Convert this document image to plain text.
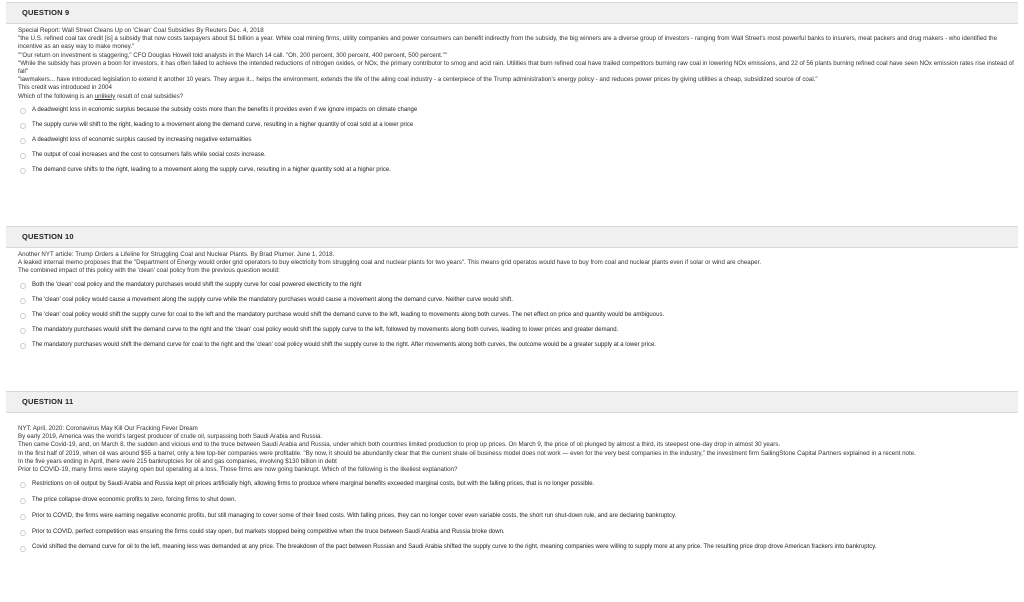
QUESTION 9
Special Report: Wall Street Cleans Up on 'Clean' Coal Subsidies By Reuters Dec. 4, 2018
"the U.S. refined coal tax credit [is] a subsidy that now costs taxpayers about $1 billion a year. While coal mining firms, utility companies and power consumers can benefit indirectly from the subsidy, the big winners are a diverse group of investors - ranging from Wall Street's most powerful banks to insurers, meat packers and drug makers - who identified the incentive as an easy way to make money."
""Our return on investment is staggering," CFO Douglas Howell told analysts in the March 14 call. "Oh, 200 percent, 300 percent, 400 percent, 500 percent.""
"While the subsidy has proven a boon for investors, it has often failed to achieve the intended reductions of nitrogen oxides, or NOx, the primary contributor to smog and acid rain. Utilities that burn refined coal have trailed competitors burning raw coal in lowering NOx emissions, and 22 of 56 plants burning refined coal have seen NOx emission rates rise instead of fall"
"lawmakers... have introduced legislation to extend it another 10 years. They argue it... helps the environment, extends the life of the ailing coal industry - a centerpiece of the Trump administration's energy policy - and reduces power prices by giving utilities a cheap, subsidized source of coal."
This credit was introduced in 2004
Which of the following is an unlikely result of coal subsidies?
A deadweight loss in economic surplus because the subsidy costs more than the benefits it provides even if we ignore impacts on climate change
The supply curve will shift to the right, leading to a movement along the demand curve, resulting in a higher quantity of coal sold at a lower price
A deadweight loss of economic surplus caused by increasing negative externalities
The output of coal increases and the cost to consumers falls while social costs increase.
The demand curve shifts to the right, leading to a movement along the supply curve, resulting in a higher quantity sold at a higher price.
QUESTION 10
Another NYT article: Trump Orders a Lifeline for Struggling Coal and Nuclear Plants. By Brad Plumer. June 1, 2018.
A leaked internal memo proposes that the "Department of Energy would order grid operators to buy electricity from struggling coal and nuclear plants for two years". This means grid operatos would have to buy from coal and nuclear plants even if solar or wind are cheaper.
The combined impact of this policy with the 'clean' coal policy from the previous question would:
Both the 'clean' coal policy and the mandatory purchases would shift the supply curve for coal powered electricity to the right
The 'clean' coal policy would cause a movement along the supply curve while the mandatory purchases would cause a movement along the demand curve. Neither curve would shift.
The 'clean' coal policy would shift the supply curve for coal to the left and the mandatory purchase would shift the demand curve to the left, leading to movements along both curves. The net effect on price and quantity would be ambiguous.
The mandatory purchases would shift the demand curve to the right and the 'clean' coal policy would shift the supply curve to the left, followed by movements along both curves, leading to lower prices and greater demand.
The mandatory purchases would shift the demand curve for coal to the right and the 'clean' coal policy would shift the supply curve to the right. After movements along both curves, the outcome would be a greater supply at a lower price.
QUESTION 11
NYT: April, 2020: Coronavirus May Kill Our Fracking Fever Dream
By early 2019, America was the world's largest producer of crude oil, surpassing both Saudi Arabia and Russia.
Then came Covid-19, and, on March 8, the sudden and vicious end to the truce between Saudi Arabia and Russia, under which both countries limited production to prop up prices. On March 9, the price of oil plunged by almost a third, its steepest one-day drop in almost 30 years.
In the first half of 2019, when oil was around $55 a barrel, only a few top-tier companies were profitable. "By now, it should be abundantly clear that the current shale oil business model does not work — even for the very best companies in the industry," the investment firm SailingStone Capital Partners explained in a recent note.
In the five years ending in April, there were 215 bankruptcies for oil and gas companies, involving $130 billion in debt
Prior to COVID-19, many firms were staying open but operating at a loss. Those firms are now going bankrupt. Which of the following is the likeliest explanation?
Restrictions on oil output by Saudi Arabia and Russia kept oil prices artificially high, allowing firms to produce where marginal benefits exceeded marginal costs, but with the falling prices, that is no longer possible.
The price collapse drove economic profits to zero, forcing firms to shut down.
Prior to COVID, the firms were earning negative economic profits, but still managing to cover some of their fixed costs. With falling prices, they can no longer cover even variable costs, the short run shut-down rule, and are declaring bankruptcy.
Prior to COVID, perfect competition was ensuring the firms could stay open, but markets stopped being competitive when the truce between Saudi Arabia and Russia broke down.
Covid shifted the demand curve for oil to the left, meaning less was demanded at any price. The breakdown of the pact between Russian and Saudi Arabia shifted the supply curve to the right, meaning companies were willing to supply more at any price. The resulting price drop drove American frackers into bankruptcy.
